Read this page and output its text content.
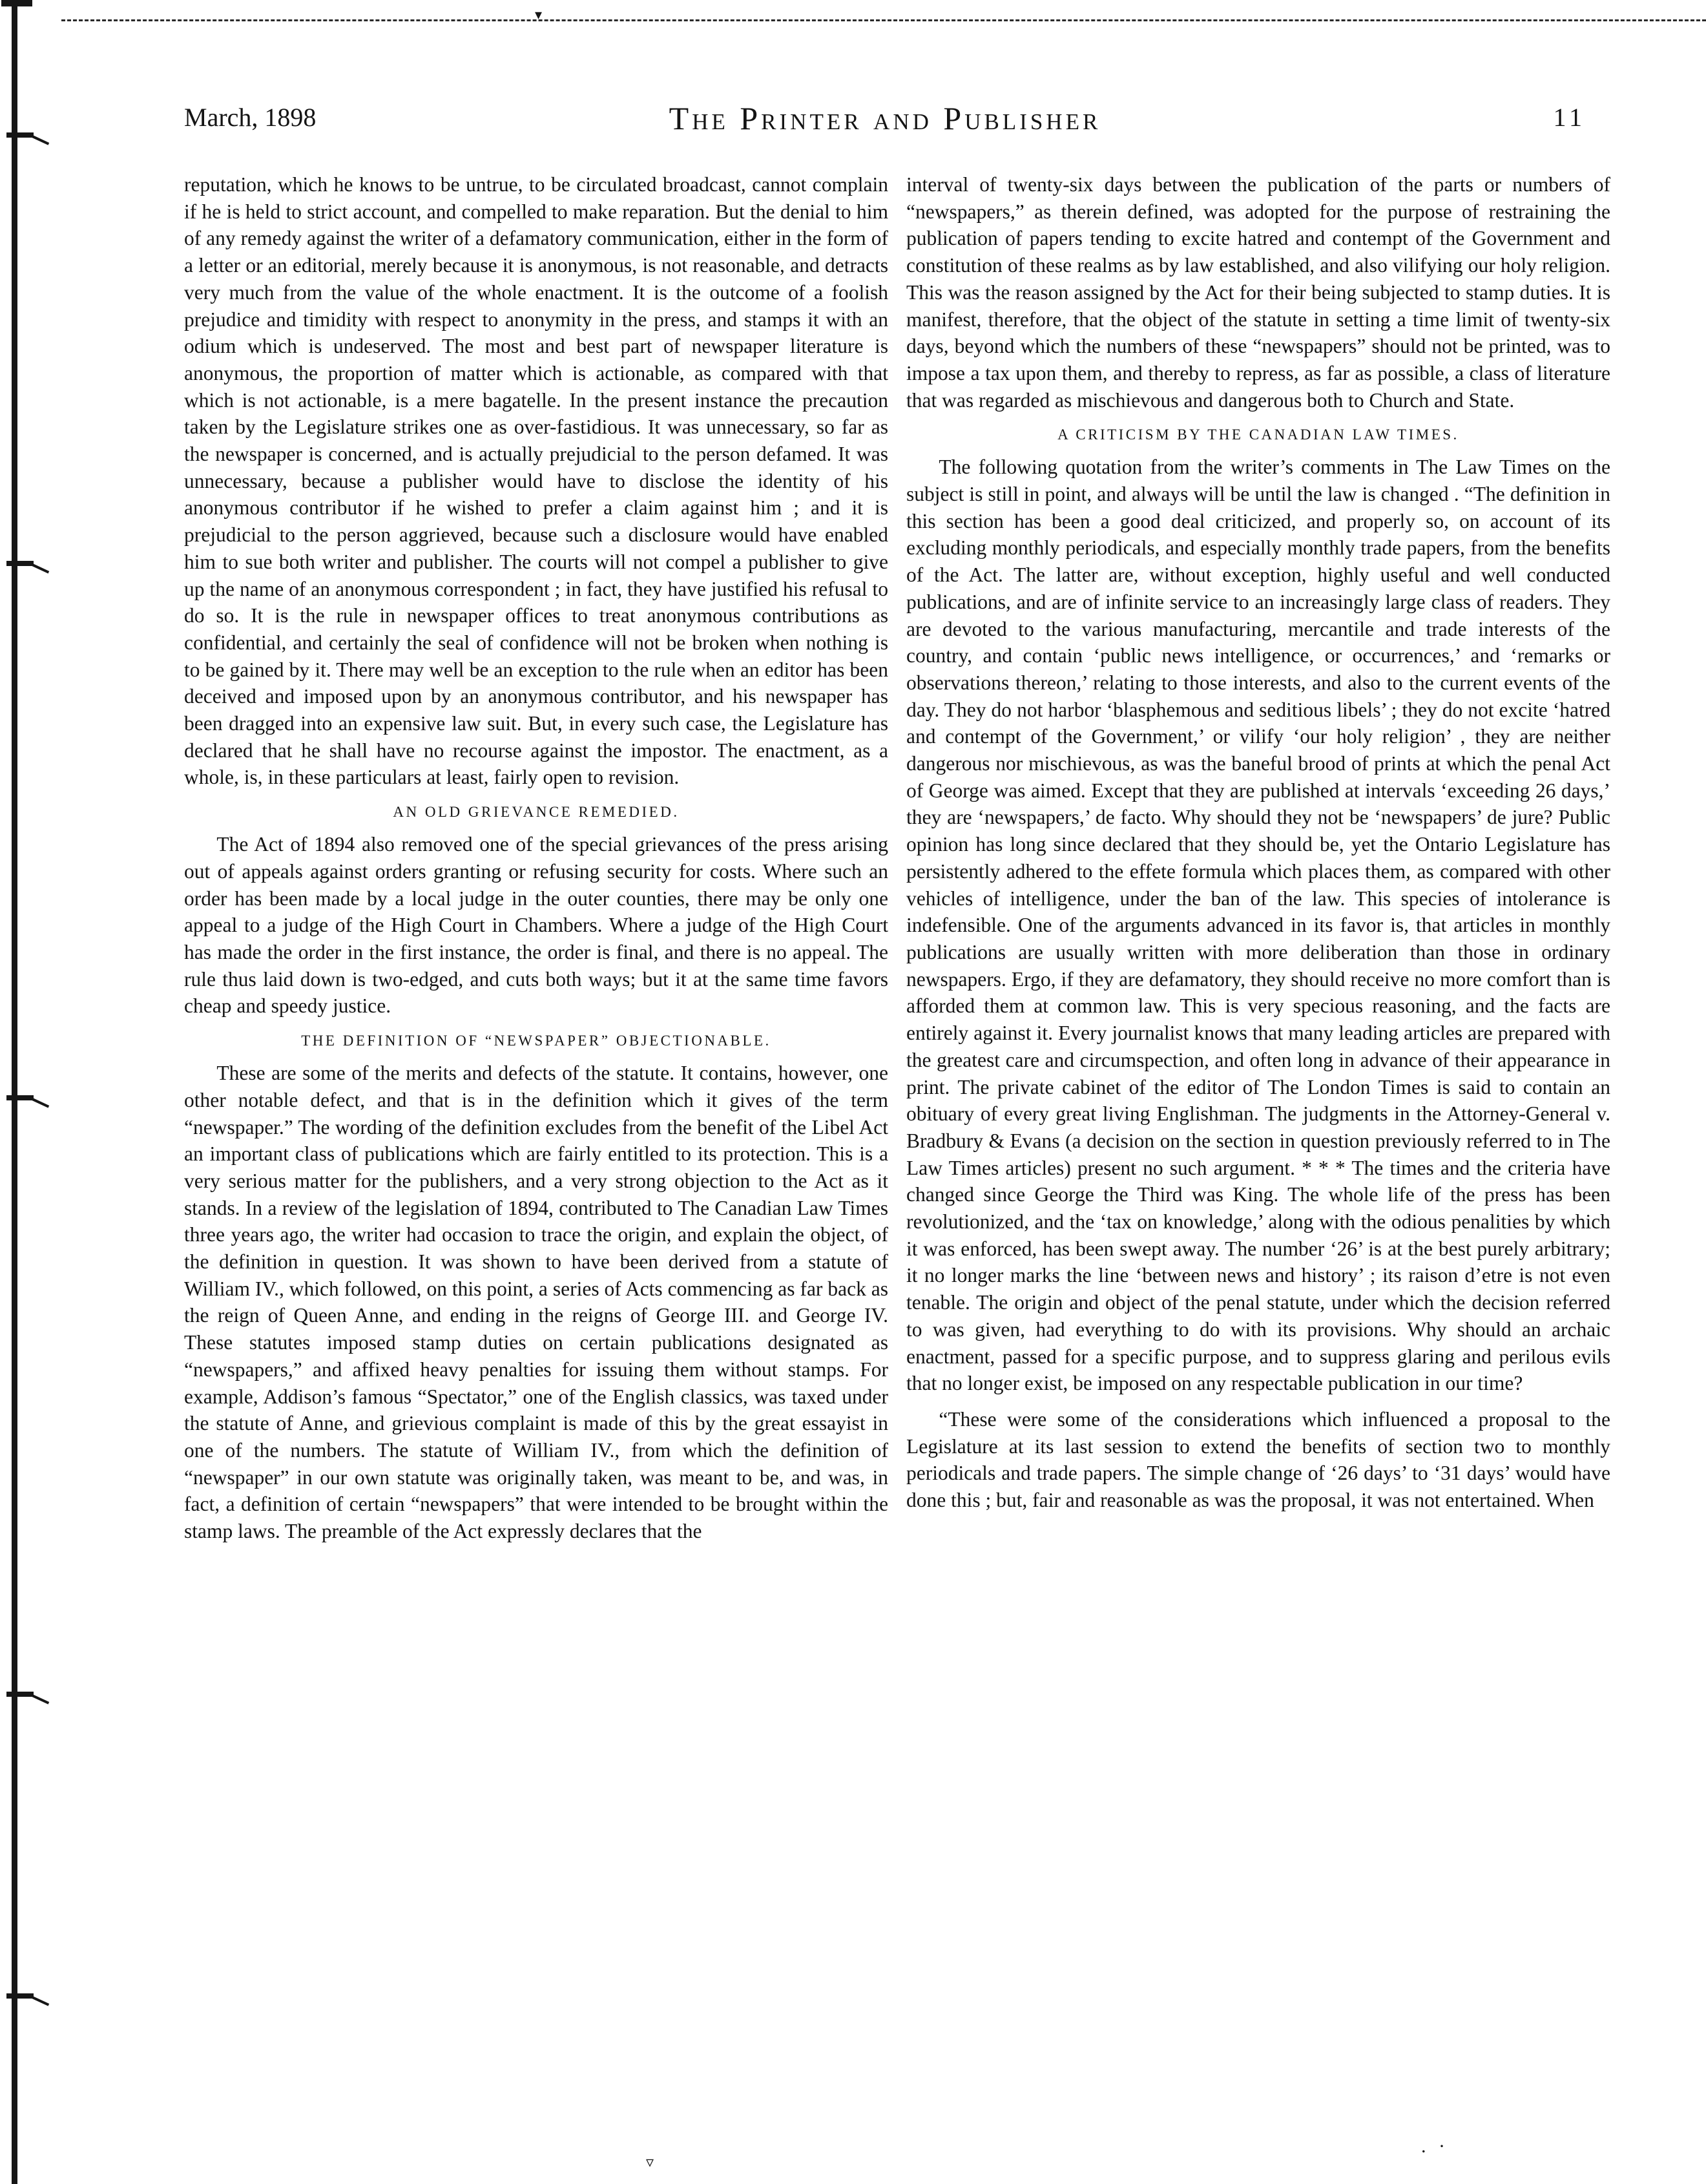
▾
March, 1898	The Printer and Publisher	11

reputation, which he knows to be untrue, to be circulated broadcast, cannot complain if he is held to strict account, and compelled to make reparation. But the denial to him of any remedy against the writer of a defamatory communication, either in the form of a letter or an editorial, merely because it is anonymous, is not reasonable, and detracts very much from the value of the whole enactment. It is the outcome of a foolish prejudice and timidity with respect to anonymity in the press, and stamps it with an odium which is undeserved. The most and best part of newspaper literature is anonymous, the proportion of matter which is actionable, as compared with that which is not actionable, is a mere bagatelle. In the present instance the precaution taken by the Legislature strikes one as over-fastidious. It was unnecessary, so far as the newspaper is concerned, and is actually prejudicial to the person defamed. It was unnecessary, because a publisher would have to disclose the identity of his anonymous contributor if he wished to prefer a claim against him ; and it is prejudicial to the person aggrieved, because such a disclosure would have enabled him to sue both writer and publisher. The courts will not compel a publisher to give up the name of an anonymous correspondent ; in fact, they have justified his refusal to do so. It is the rule in newspaper offices to treat anonymous contributions as confidential, and certainly the seal of confidence will not be broken when nothing is to be gained by it. There may well be an exception to the rule when an editor has been deceived and imposed upon by an anonymous contributor, and his newspaper has been dragged into an expensive law suit. But, in every such case, the Legislature has declared that he shall have no recourse against the impostor. The enactment, as a whole, is, in these particulars at least, fairly open to revision.

AN OLD GRIEVANCE REMEDIED.

The Act of 1894 also removed one of the special grievances of the press arising out of appeals against orders granting or refusing security for costs. Where such an order has been made by a local judge in the outer counties, there may be only one appeal to a judge of the High Court in Chambers. Where a judge of the High Court has made the order in the first instance, the order is final, and there is no appeal. The rule thus laid down is two-edged, and cuts both ways; but it at the same time favors cheap and speedy justice.

THE DEFINITION OF “NEWSPAPER” OBJECTIONABLE.

These are some of the merits and defects of the statute. It contains, however, one other notable defect, and that is in the definition which it gives of the term “newspaper.” The wording of the definition excludes from the benefit of the Libel Act an important class of publications which are fairly entitled to its protection. This is a very serious matter for the publishers, and a very strong objection to the Act as it stands. In a review of the legislation of 1894, contributed to The Canadian Law Times three years ago, the writer had occasion to trace the origin, and explain the object, of the definition in question. It was shown to have been derived from a statute of William IV., which followed, on this point, a series of Acts commencing as far back as the reign of Queen Anne, and ending in the reigns of George III. and George IV. These statutes imposed stamp duties on certain publications designated as “newspapers,” and affixed heavy penalties for issuing them without stamps. For example, Addison’s famous “Spectator,” one of the English classics, was taxed under the statute of Anne, and grievious complaint is made of this by the great essayist in one of the numbers. The statute of William IV., from which the definition of “newspaper” in our own statute was originally taken, was meant to be, and was, in fact, a definition of certain “newspapers” that were intended to be brought within the stamp laws. The preamble of the Act expressly declares that the

interval of twenty-six days between the publication of the parts or numbers of “newspapers,” as therein defined, was adopted for the purpose of restraining the publication of papers tending to excite hatred and contempt of the Government and constitution of these realms as by law established, and also vilifying our holy religion. This was the reason assigned by the Act for their being subjected to stamp duties. It is manifest, therefore, that the object of the statute in setting a time limit of twenty-six days, beyond which the numbers of these “newspapers” should not be printed, was to impose a tax upon them, and thereby to repress, as far as possible, a class of literature that was regarded as mischievous and dangerous both to Church and State.

A CRITICISM BY THE CANADIAN LAW TIMES.

The following quotation from the writer’s comments in The Law Times on the subject is still in point, and always will be until the law is changed . “The definition in this section has been a good deal criticized, and properly so, on account of its excluding monthly periodicals, and especially monthly trade papers, from the benefits of the Act. The latter are, without exception, highly useful and well conducted publications, and are of infinite service to an increasingly large class of readers. They are devoted to the various manufacturing, mercantile and trade interests of the country, and contain ‘public news intelligence, or occurrences,’ and ‘remarks or observations thereon,’ relating to those interests, and also to the current events of the day. They do not harbor ‘blasphemous and seditious libels’ ; they do not excite ‘hatred and contempt of the Government,’ or vilify ‘our holy religion’ , they are neither dangerous nor mischievous, as was the baneful brood of prints at which the penal Act of George was aimed. Except that they are published at intervals ‘exceeding 26 days,’ they are ‘newspapers,’ de facto. Why should they not be ‘newspapers’ de jure? Public opinion has long since declared that they should be, yet the Ontario Legislature has persistently adhered to the effete formula which places them, as compared with other vehicles of intelligence, under the ban of the law. This species of intolerance is indefensible. One of the arguments advanced in its favor is, that articles in monthly publications are usually written with more deliberation than those in ordinary newspapers. Ergo, if they are defamatory, they should receive no more comfort than is afforded them at common law. This is very specious reasoning, and the facts are entirely against it. Every journalist knows that many leading articles are prepared with the greatest care and circumspection, and often long in advance of their appearance in print. The private cabinet of the editor of The London Times is said to contain an obituary of every great living Englishman. The judgments in the Attorney-General v. Bradbury & Evans (a decision on the section in question previously referred to in The Law Times articles) present no such argument. * * * The times and the criteria have changed since George the Third was King. The whole life of the press has been revolutionized, and the ‘tax on knowledge,’ along with the odious penalities by which it was enforced, has been swept away. The number ‘26’ is at the best purely arbitrary; it no longer marks the line ‘between news and history’ ; its raison d’etre is not even tenable. The origin and object of the penal statute, under which the decision referred to was given, had everything to do with its provisions. Why should an archaic enactment, passed for a specific purpose, and to suppress glaring and perilous evils that no longer exist, be imposed on any respectable publication in our time?

“These were some of the considerations which influenced a proposal to the Legislature at its last session to extend the benefits of section two to monthly periodicals and trade papers. The simple change of ‘26 days’ to ‘31 days’ would have done this ; but, fair and reasonable as was the proposal, it was not entertained. When

▿
. ·
